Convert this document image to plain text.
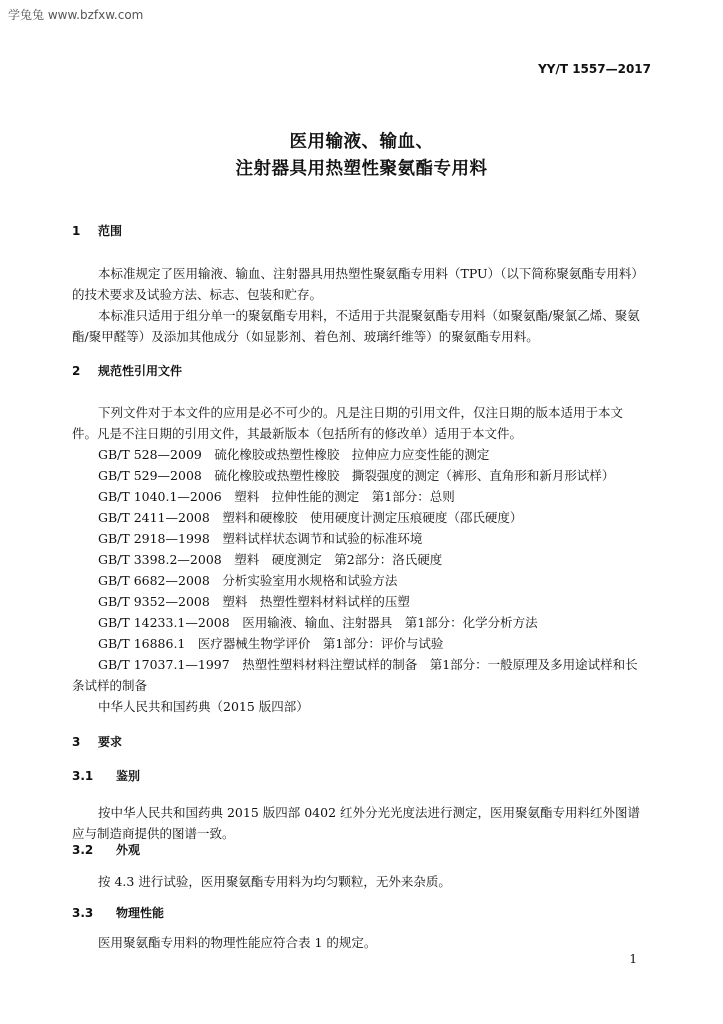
学兔兔 www.bzfxw.com
YY/T 1557—2017
医用输液、输血、
注射器具用热塑性聚氨酯专用料
1 范围
本标准规定了医用输液、输血、注射器具用热塑性聚氨酯专用料（TPU）（以下简称聚氨酯专用料）
的技术要求及试验方法、标志、包装和贮存。
本标准只适用于组分单一的聚氨酯专用料，不适用于共混聚氨酯专用料（如聚氨酯/聚氯乙烯、聚氨
酯/聚甲醛等）及添加其他成分（如显影剂、着色剂、玻璃纤维等）的聚氨酯专用料。
2 规范性引用文件
下列文件对于本文件的应用是必不可少的。凡是注日期的引用文件，仅注日期的版本适用于本文
件。凡是不注日期的引用文件，其最新版本（包括所有的修改单）适用于本文件。
GB/T 528—2009　硫化橡胶或热塑性橡胶　拉伸应力应变性能的测定
GB/T 529—2008　硫化橡胶或热塑性橡胶　撕裂强度的测定（裤形、直角形和新月形试样）
GB/T 1040.1—2006　塑料　拉伸性能的测定　第1部分：总则
GB/T 2411—2008　塑料和硬橡胶　使用硬度计测定压痕硬度（邵氏硬度）
GB/T 2918—1998　塑料试样状态调节和试验的标准环境
GB/T 3398.2—2008　塑料　硬度测定　第2部分：洛氏硬度
GB/T 6682—2008　分析实验室用水规格和试验方法
GB/T 9352—2008　塑料　热塑性塑料材料试样的压塑
GB/T 14233.1—2008　医用输液、输血、注射器具　第1部分：化学分析方法
GB/T 16886.1　医疗器械生物学评价　第1部分：评价与试验
GB/T 17037.1—1997　热塑性塑料材料注塑试样的制备　第1部分：一般原理及多用途试样和长
条试样的制备
中华人民共和国药典（2015 版四部）
3 要求
3.1 鉴别
按中华人民共和国药典 2015 版四部 0402 红外分光光度法进行测定，医用聚氨酯专用料红外图谱
应与制造商提供的图谱一致。
3.2 外观
按 4.3 进行试验，医用聚氨酯专用料为均匀颗粒，无外来杂质。
3.3 物理性能
医用聚氨酯专用料的物理性能应符合表 1 的规定。
1
